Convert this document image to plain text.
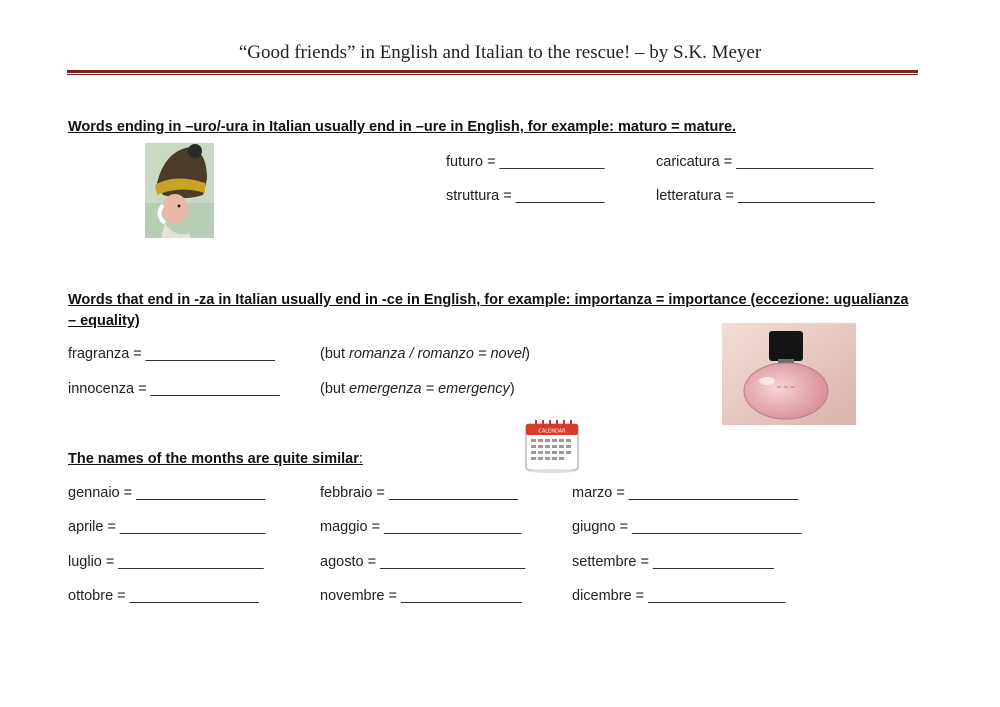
“Good friends” in English and Italian to the rescue! – by S.K. Meyer
Words ending in –uro/-ura in Italian usually end in –ure in English, for example: maturo = mature.
futuro = _____________	caricatura = _________________
struttura = ___________	letteratura = _________________
Words that end in -za in Italian usually end in -ce in English, for example: importanza = importance (eccezione: ugualianza
– equality)
fragranza = ________________	(but romanza / romanzo = novel)
innocenza = ________________	(but emergenza = emergency)	~ ~ ~
CALENDAR
The names of the months are quite similar:
gennaio = ________________	febbraio = ________________	marzo = _____________________
aprile = __________________	maggio = _________________	giugno = _____________________
luglio = __________________	agosto = __________________	settembre = _______________
ottobre = ________________	novembre = _______________	dicembre = _________________
